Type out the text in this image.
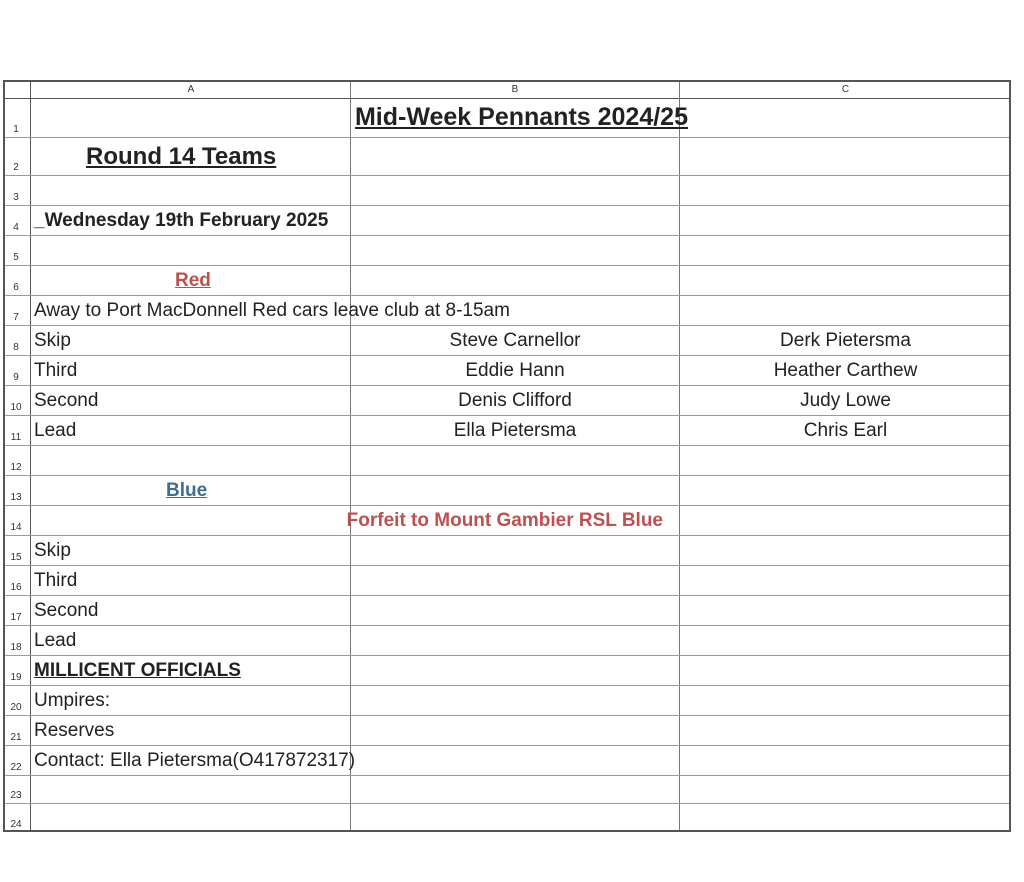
A	B	C
1	Mid-Week Pennants 2024/25
2	Round 14 Teams
3
4 _Wednesday 19th February 2025
5
6	Red
7 Away to Port MacDonnell Red cars leave club at 8-15am
8 Skip	Steve Carnellor	Derk Pietersma
9 Third	Eddie Hann	Heather Carthew
10 Second	Denis Clifford	Judy Lowe
11 Lead	Ella Pietersma	Chris Earl
12
13	Blue
14	Forfeit to Mount Gambier RSL Blue
15 Skip
16 Third
17 Second
18 Lead
19 MILLICENT OFFICIALS
20 Umpires:
21 Reserves
22 Contact: Ella Pietersma(O417872317)
23
24
